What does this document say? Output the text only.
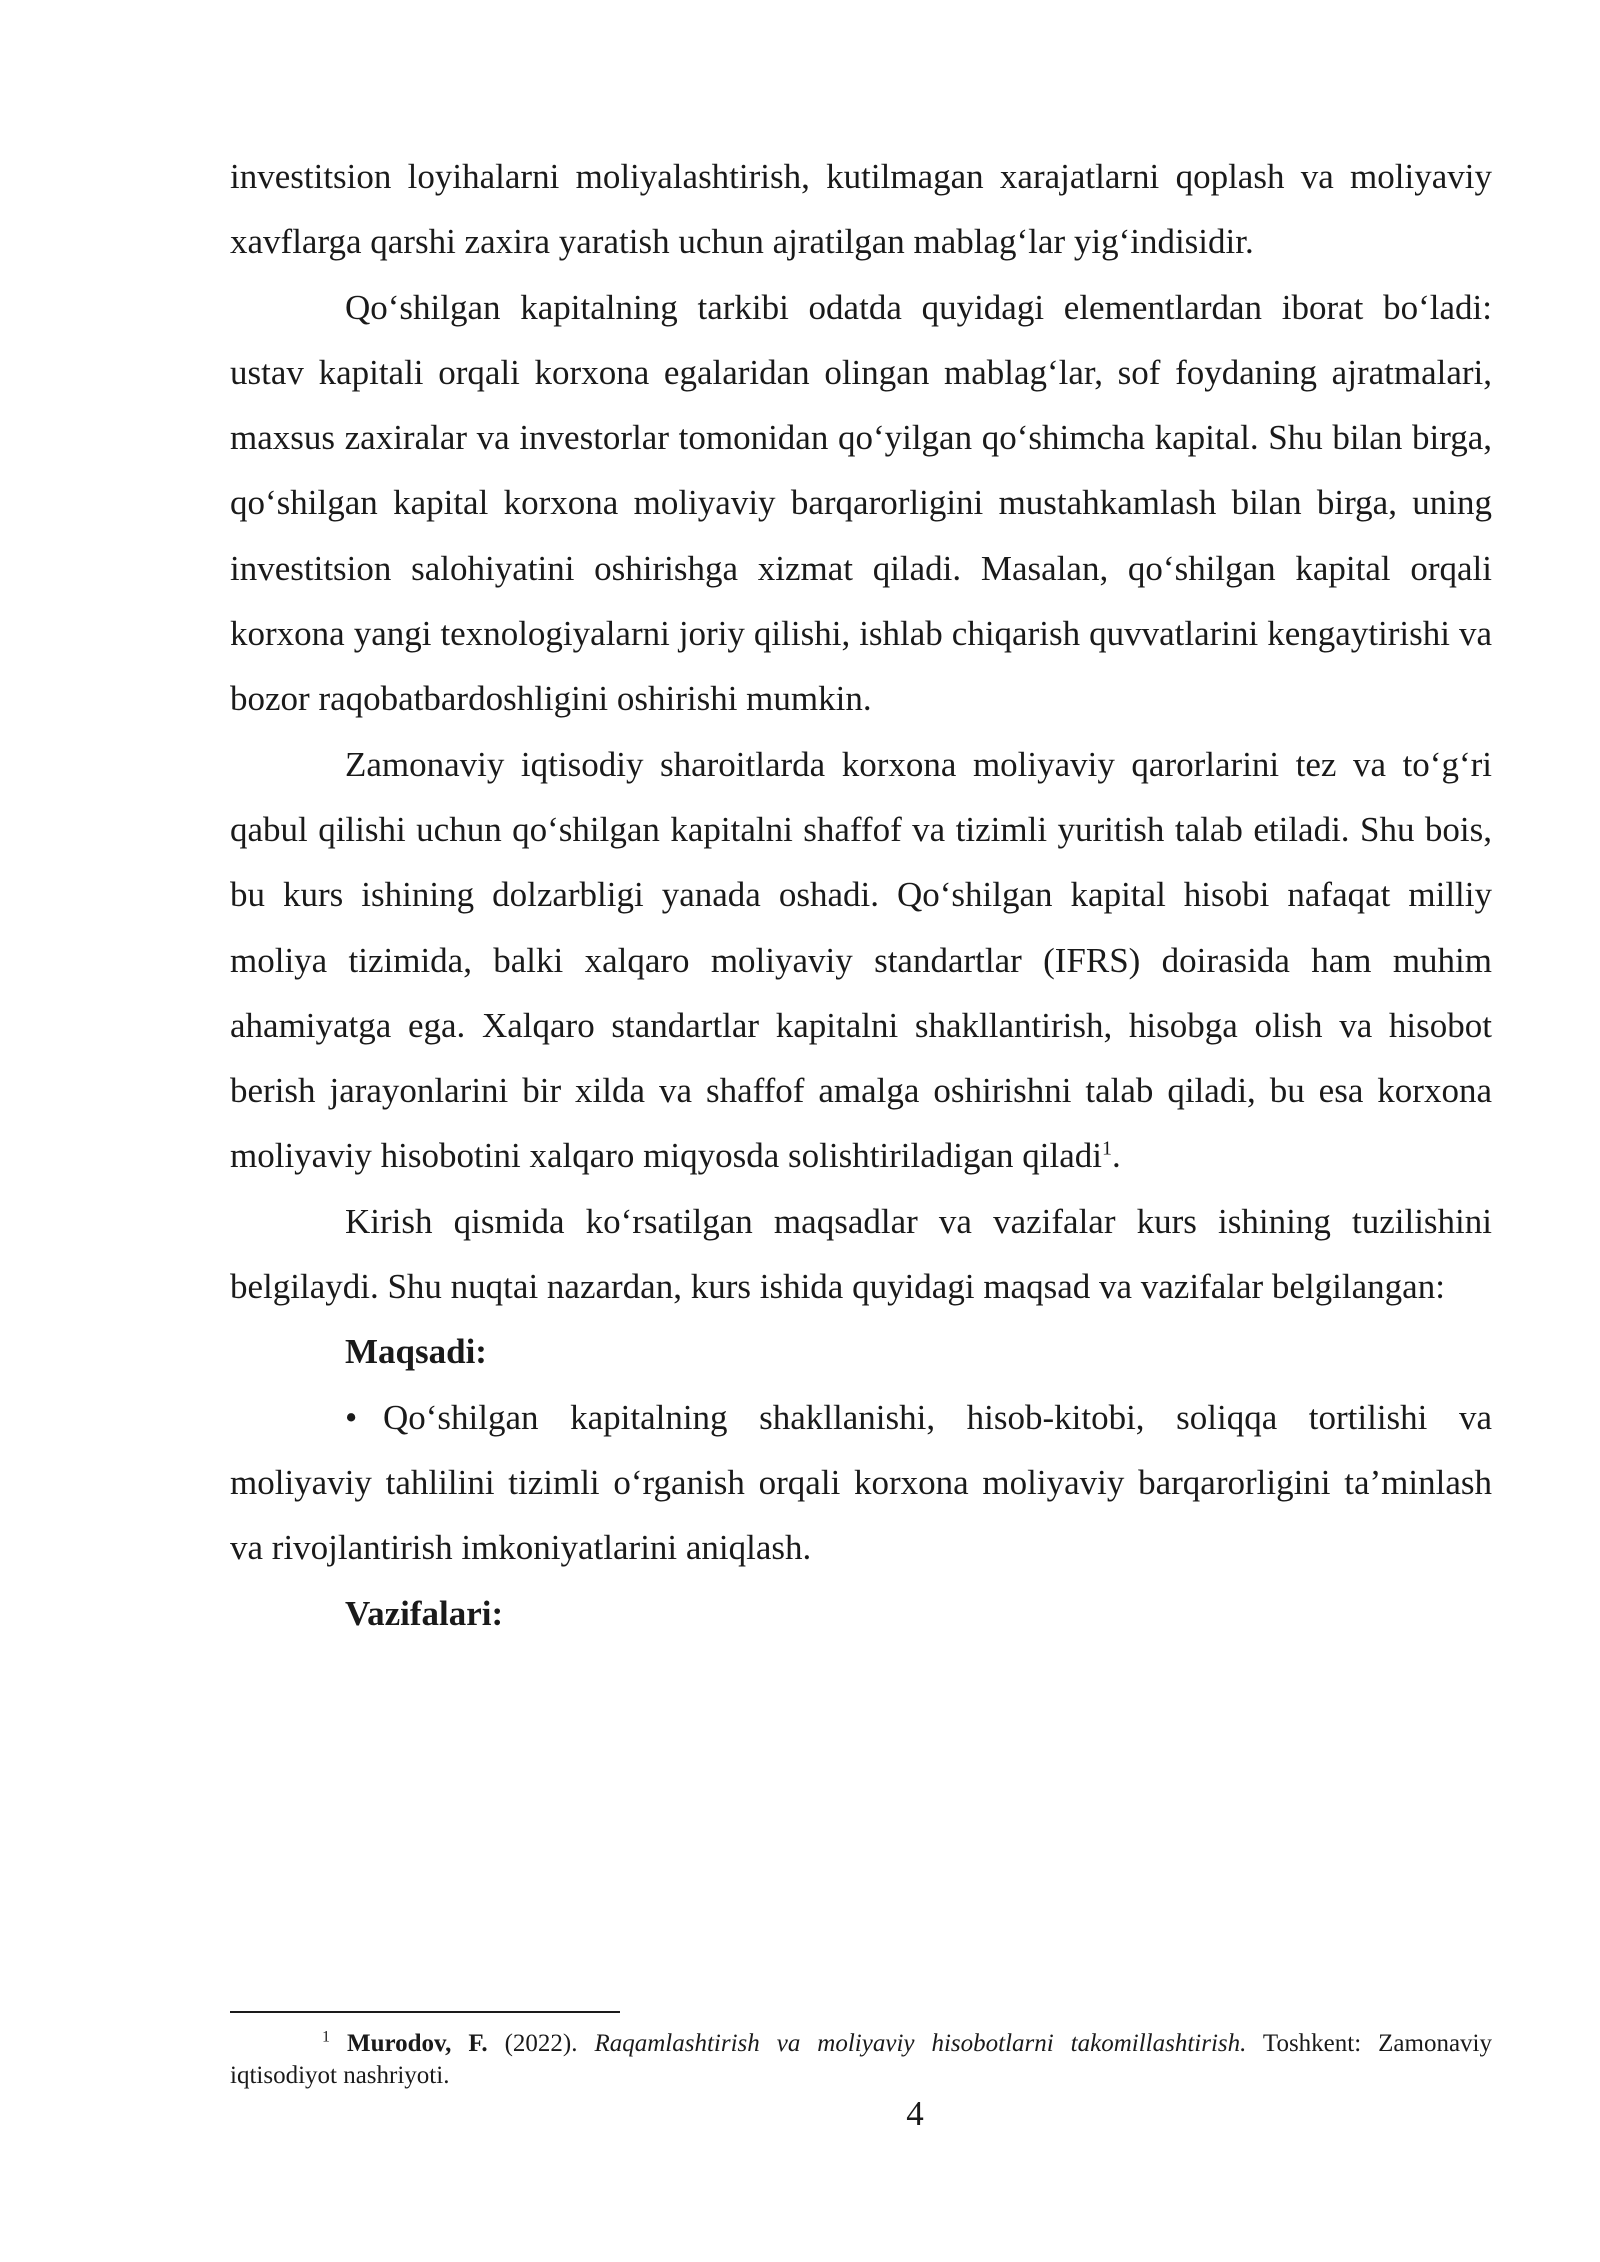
investitsion loyihalarni moliyalashtirish, kutilmagan xarajatlarni qoplash va moliyaviy xavflarga qarshi zaxira yaratish uchun ajratilgan mablag‘lar yig‘indisidir.

Qo‘shilgan kapitalning tarkibi odatda quyidagi elementlardan iborat bo‘ladi: ustav kapitali orqali korxona egalaridan olingan mablag‘lar, sof foydaning ajratmalari, maxsus zaxiralar va investorlar tomonidan qo‘yilgan qo‘shimcha kapital. Shu bilan birga, qo‘shilgan kapital korxona moliyaviy barqarorligini mustahkamlash bilan birga, uning investitsion salohiyatini oshirishga xizmat qiladi. Masalan, qo‘shilgan kapital orqali korxona yangi texnologiyalarni joriy qilishi, ishlab chiqarish quvvatlarini kengaytirishi va bozor raqobatbardoshligini oshirishi mumkin.

Zamonaviy iqtisodiy sharoitlarda korxona moliyaviy qarorlarini tez va to‘g‘ri qabul qilishi uchun qo‘shilgan kapitalni shaffof va tizimli yuritish talab etiladi. Shu bois, bu kurs ishining dolzarbligi yanada oshadi. Qo‘shilgan kapital hisobi nafaqat milliy moliya tizimida, balki xalqaro moliyaviy standartlar (IFRS) doirasida ham muhim ahamiyatga ega. Xalqaro standartlar kapitalni shakllantirish, hisobga olish va hisobot berish jarayonlarini bir xilda va shaffof amalga oshirishni talab qiladi, bu esa korxona moliyaviy hisobotini xalqaro miqyosda solishtiriladigan qiladi$^1$.

Kirish qismida ko‘rsatilgan maqsadlar va vazifalar kurs ishining tuzilishini belgilaydi. Shu nuqtai nazardan, kurs ishida quyidagi maqsad va vazifalar belgilangan:

Maqsadi:

• Qo‘shilgan kapitalning shakllanishi, hisob-kitobi, soliqqa tortilishi va moliyaviy tahlilini tizimli o‘rganish orqali korxona moliyaviy barqarorligini ta’minlash va rivojlantirish imkoniyatlarini aniqlash.

Vazifalari:

$^1$ Murodov, F. (2022). Raqamlashtirish va moliyaviy hisobotlarni takomillashtirish. Toshkent: Zamonaviy iqtisodiyot nashriyoti.
4
